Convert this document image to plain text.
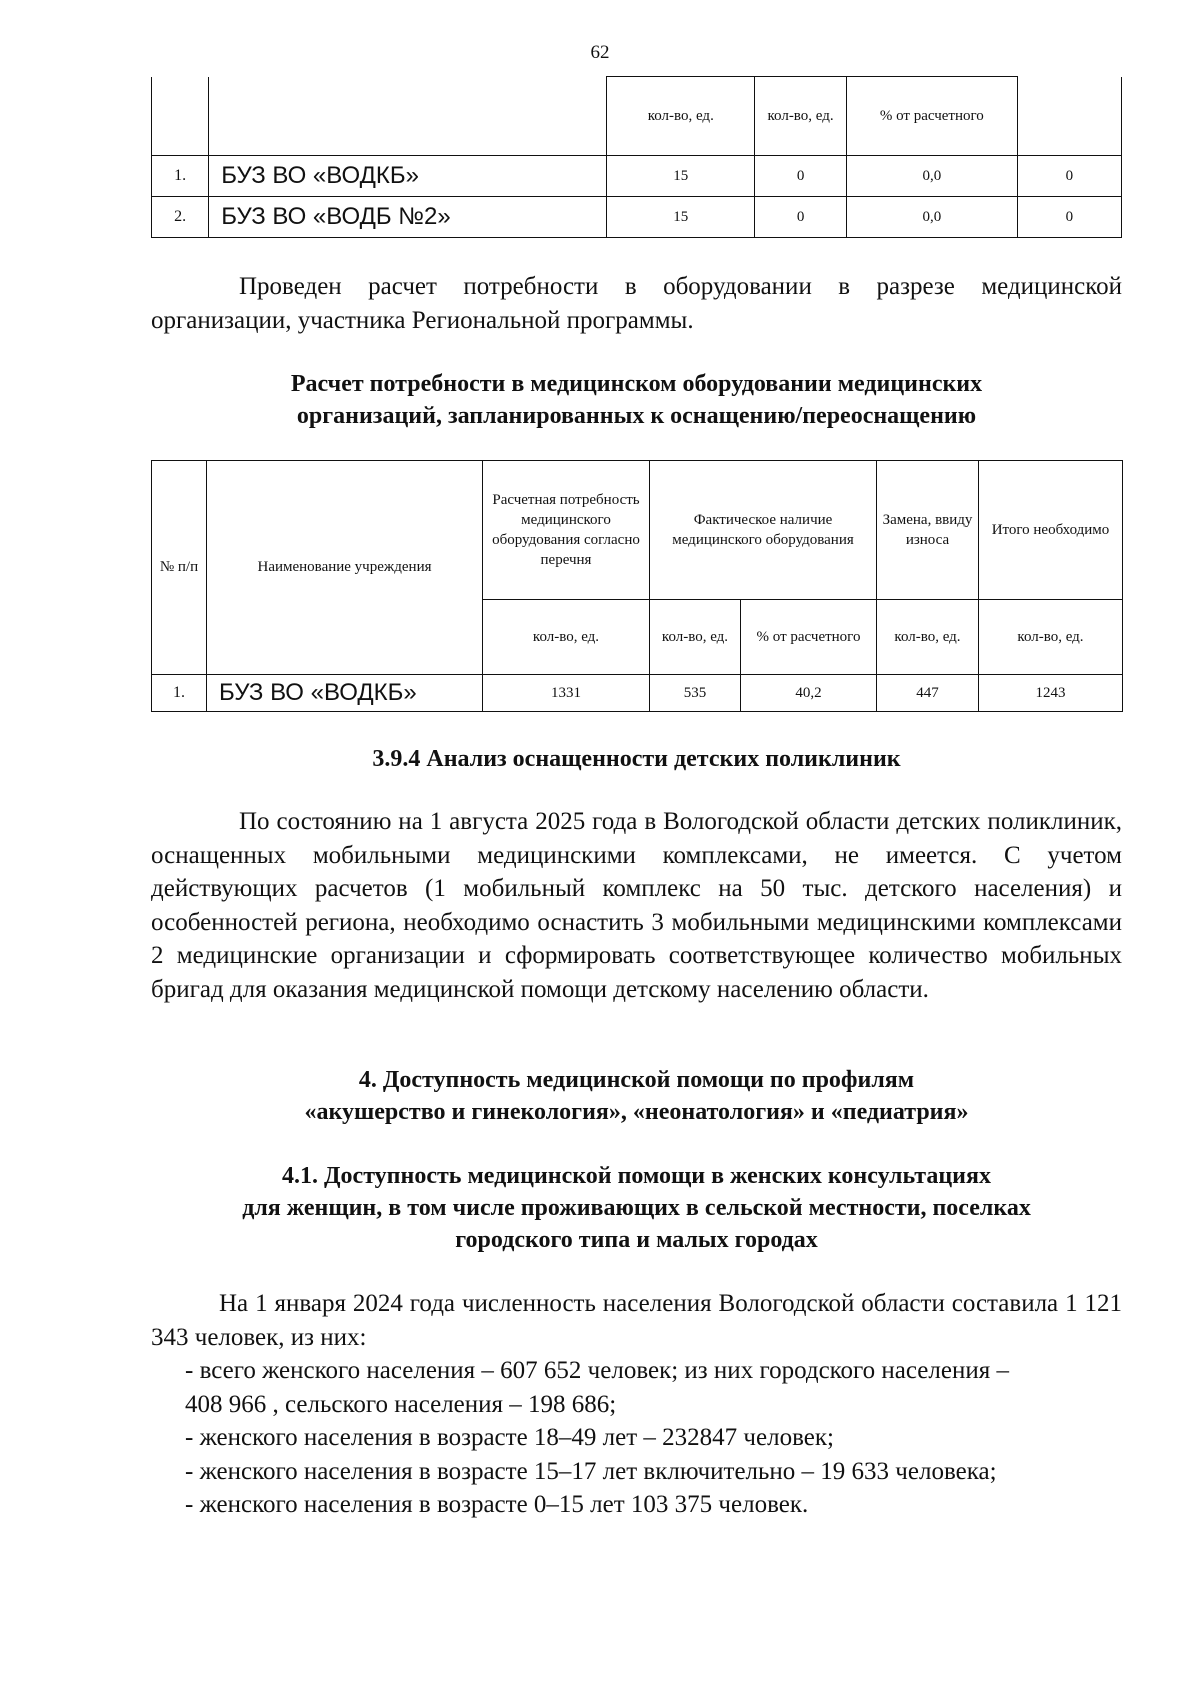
62
		кол-во, ед.	кол-во, ед.	% от расчетного	
1.	БУЗ ВО «ВОДКБ»	15	0	0,0	0
2.	БУЗ ВО «ВОДБ №2»	15	0	0,0	0

Проведен расчет потребности в оборудовании в разрезе медицинской организации, участника Региональной программы.

Расчет потребности в медицинском оборудовании медицинских
организаций, запланированных к оснащению/переоснащению
№ п/п	Наименование учреждения	Расчетная потребность медицинского оборудования согласно перечня	Фактическое наличие медицинского оборудования		Замена, ввиду износа	Итого необходимо
		кол-во, ед.	кол-во, ед.	% от расчетного	кол-во, ед.	кол-во, ед.
1.	БУЗ ВО «ВОДКБ»	1331	535	40,2	447	1243
3.9.4 Анализ оснащенности детских поликлиник

По состоянию на 1 августа 2025 года в Вологодской области детских поликлиник, оснащенных мобильными медицинскими комплексами, не имеется. С учетом действующих расчетов (1 мобильный комплекс на 50 тыс. детского населения) и особенностей региона, необходимо оснастить 3 мобильными медицинскими комплексами 2 медицинские организации и сформировать соответствующее количество мобильных бригад для оказания медицинской помощи детскому населению области.

4. Доступность медицинской помощи по профилям
«акушерство и гинекология», «неонатология» и «педиатрия»
4.1. Доступность медицинской помощи в женских консультациях
для женщин, в том числе проживающих в сельской местности, поселках
городского типа и малых городах

На 1 января 2024 года численность населения Вологодской области составила 1 121 343 человек, из них:

- всего женского населения – 607 652 человек; из них городского населения –
408 966 , сельского населения – 198 686;
- женского населения в возрасте 18–49 лет – 232847 человек;
- женского населения в возрасте 15–17 лет включительно – 19 633 человека;
- женского населения в возрасте 0–15 лет 103 375 человек.
